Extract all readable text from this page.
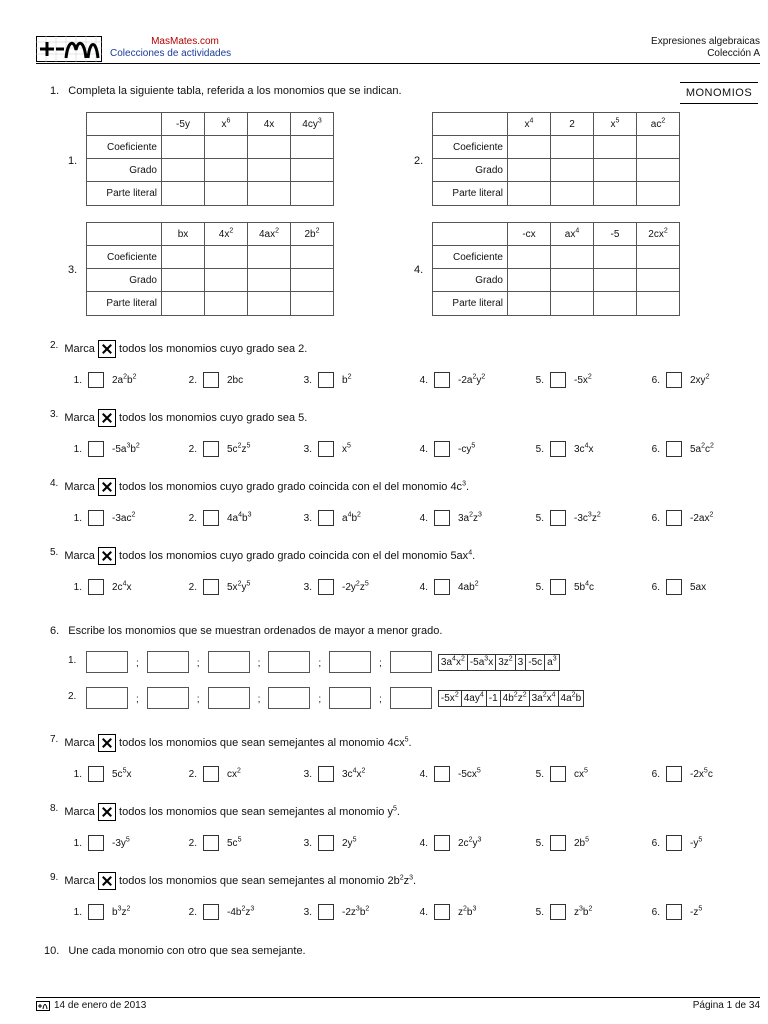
MasMates.com
Colecciones de actividades
Expresiones algebraicas
Colección A
1. Completa la siguiente tabla, referida a los monomios que se indican.	MONOMIOS
1.
	-5y	$x^6$	4x	$4cy^3$
Coeficiente				
Grado				
Parte literal				
2.
	$x^4$	2	$x^5$	$ac^2$
Coeficiente				
Grado				
Parte literal				
3.
	bx	$4x^2$	$4ax^2$	$2b^2$
Coeficiente				
Grado				
Parte literal				
4.
	-cx	$ax^4$	-5	$2cx^2$
Coeficiente				
Grado				
Parte literal				
2. Marca todos los monomios cuyo grado sea 2.
1.	$2a^2b^2$	2.	2bc	3.	$b^2$	4.	$-2a^2y^2$	5.	$-5x^2$	6.	$2xy^2$
3. Marca todos los monomios cuyo grado sea 5.
1.	$-5a^3b^2$	2.	$5c^2z^5$	3.	$x^5$	4.	$-cy^5$	5.	$3c^4x$	6.	$5a^2c^2$
4. Marca todos los monomios cuyo grado grado coincida con el del monomio $4c^3$.
1.	$-3ac^2$	2.	$4a^4b^3$	3.	$a^4b^2$	4.	$3a^2z^3$	5.	$-3c^3z^2$	6.	$-2ax^2$
5. Marca todos los monomios cuyo grado grado coincida con el del monomio $5ax^4$.
1.	$2c^4x$	2.	$5x^2y^5$	3.	$-2y^2z^5$	4.	$4ab^2$	5.	$5b^4c$	6.	5ax
6. Escribe los monomios que se muestran ordenados de mayor a menor grado.
1.	;	;	;	;	;	$3a^4x^2$ $-5a^3x$ $3z^2$ 3 -5c $a^3$
2.	;	;	;	;	;	$-5x^2$ $4ay^4$ -1 $4b^2z^2$ $3a^2x^4$ $4a^2b$
7. Marca todos los monomios que sean semejantes al monomio $4cx^5$.
1.	$5c^5x$	2.	$cx^2$	3.	$3c^4x^2$	4.	$-5cx^5$	5.	$cx^5$	6.	$-2x^5c$
8. Marca todos los monomios que sean semejantes al monomio $y^5$.
1.	$-3y^5$	2.	$5c^5$	3.	$2y^5$	4.	$2c^2y^3$	5.	$2b^5$	6.	$-y^5$
9. Marca todos los monomios que sean semejantes al monomio $2b^2z^3$.
1.	$b^3z^2$	2.	$-4b^2z^3$	3.	$-2z^3b^2$	4.	$z^2b^3$	5.	$z^3b^2$	6.	$-z^5$
10. Une cada monomio con otro que sea semejante.
14 de enero de 2013	Página 1 de 34
